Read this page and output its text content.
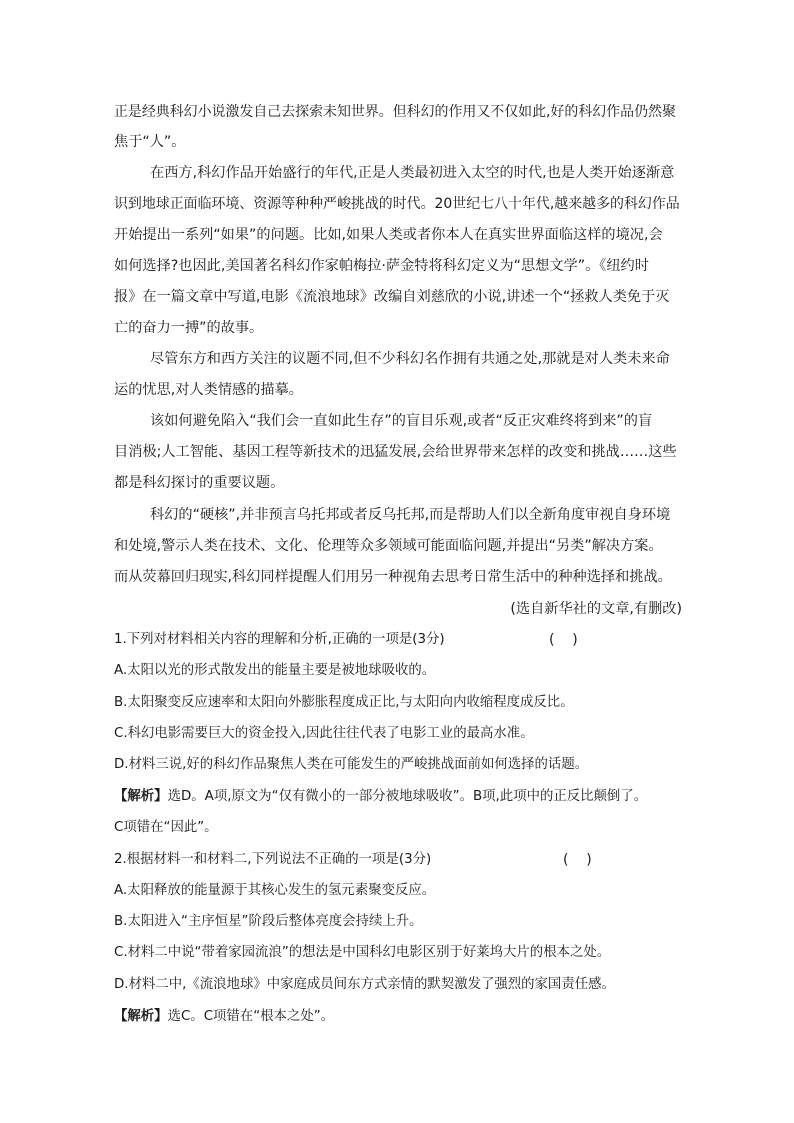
正是经典科幻小说激发自己去探索未知世界。但科幻的作用又不仅如此,好的科幻作品仍然聚
焦于“人”。
在西方,科幻作品开始盛行的年代,正是人类最初进入太空的时代,也是人类开始逐渐意
识到地球正面临环境、资源等种种严峻挑战的时代。20世纪七八十年代,越来越多的科幻作品
开始提出一系列“如果”的问题。比如,如果人类或者你本人在真实世界面临这样的境况,会
如何选择?也因此,美国著名科幻作家帕梅拉·萨金特将科幻定义为“思想文学”。《纽约时
报》在一篇文章中写道,电影《流浪地球》改编自刘慈欣的小说,讲述一个“拯救人类免于灭
亡的奋力一搏”的故事。
尽管东方和西方关注的议题不同,但不少科幻名作拥有共通之处,那就是对人类未来命
运的忧思,对人类情感的描摹。
该如何避免陷入“我们会一直如此生存”的盲目乐观,或者“反正灾难终将到来”的盲
目消极;人工智能、基因工程等新技术的迅猛发展,会给世界带来怎样的改变和挑战……这些
都是科幻探讨的重要议题。
科幻的“硬核”,并非预言乌托邦或者反乌托邦,而是帮助人们以全新角度审视自身环境
和处境,警示人类在技术、文化、伦理等众多领域可能面临问题,并提出“另类”解决方案。
而从荧幕回归现实,科幻同样提醒人们用另一种视角去思考日常生活中的种种选择和挑战。
(选自新华社的文章,有删改)
1.下列对材料相关内容的理解和分析,正确的一项是(3分)	(    )
A.太阳以光的形式散发出的能量主要是被地球吸收的。
B.太阳聚变反应速率和太阳向外膨胀程度成正比,与太阳向内收缩程度成反比。
C.科幻电影需要巨大的资金投入,因此往往代表了电影工业的最高水准。
D.材料三说,好的科幻作品聚焦人类在可能发生的严峻挑战面前如何选择的话题。
【解析】选D。A项,原文为“仅有微小的一部分被地球吸收”。B项,此项中的正反比颠倒了。
C项错在“因此”。
2.根据材料一和材料二,下列说法不正确的一项是(3分)	(    )
A.太阳释放的能量源于其核心发生的氢元素聚变反应。
B.太阳进入“主序恒星”阶段后整体亮度会持续上升。
C.材料二中说“带着家园流浪”的想法是中国科幻电影区别于好莱坞大片的根本之处。
D.材料二中,《流浪地球》中家庭成员间东方式亲情的默契激发了强烈的家国责任感。
【解析】选C。C项错在“根本之处”。
